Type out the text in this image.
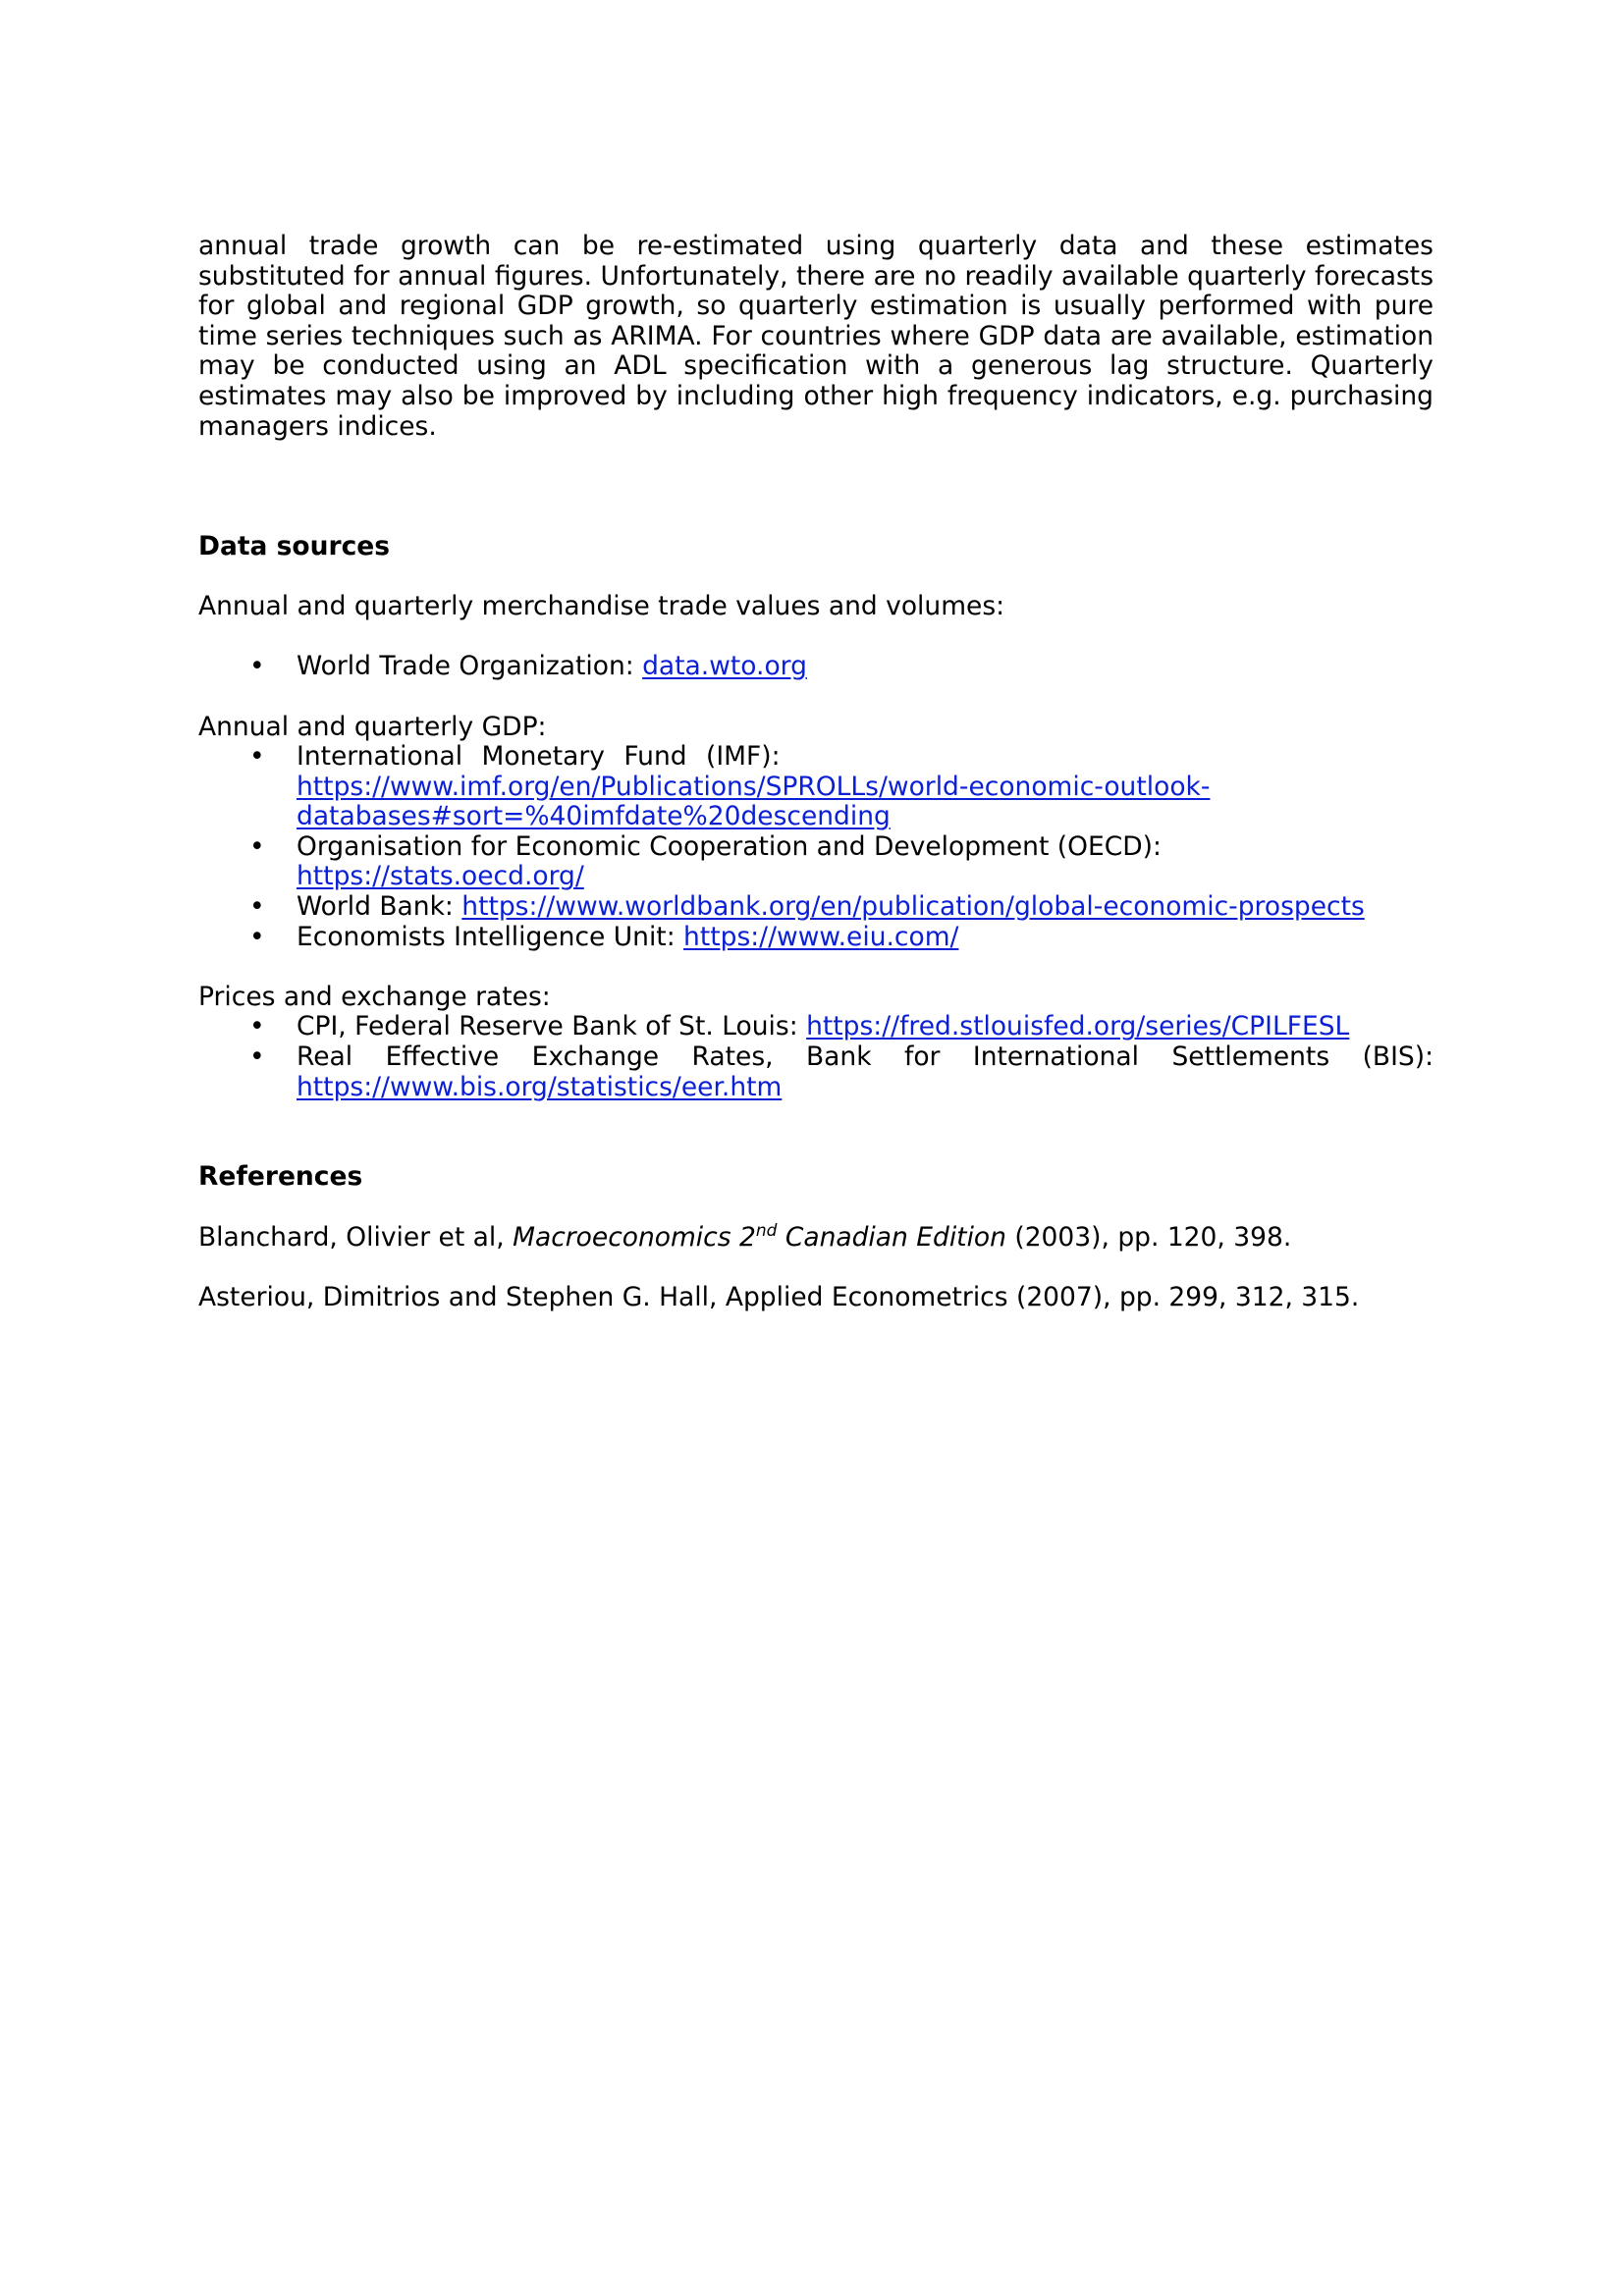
annual trade growth can be re-estimated using quarterly data and these estimates substituted for annual figures. Unfortunately, there are no readily available quarterly forecasts for global and regional GDP growth, so quarterly estimation is usually performed with pure time series techniques such as ARIMA. For countries where GDP data are available, estimation may be conducted using an ADL specification with a generous lag structure. Quarterly estimates may also be improved by including other high frequency indicators, e.g. purchasing managers indices.

Data sources

Annual and quarterly merchandise trade values and volumes:

• World Trade Organization: data.wto.org

Annual and quarterly GDP:

• International Monetary Fund (IMF): https://www.imf.org/en/Publications/SPROLLs/world-economic-outlook-databases#sort=%40imfdate%20descending
• Organisation for Economic Cooperation and Development (OECD): https://stats.oecd.org/
• World Bank: https://www.worldbank.org/en/publication/global-economic-prospects
• Economists Intelligence Unit: https://www.eiu.com/

Prices and exchange rates:

• CPI, Federal Reserve Bank of St. Louis: https://fred.stlouisfed.org/series/CPILFESL
• Real Effective Exchange Rates, Bank for International Settlements (BIS):
https://www.bis.org/statistics/eer.htm

References

Blanchard, Olivier et al, Macroeconomics 2nd Canadian Edition (2003), pp. 120, 398.

Asteriou, Dimitrios and Stephen G. Hall, Applied Econometrics (2007), pp. 299, 312, 315.
